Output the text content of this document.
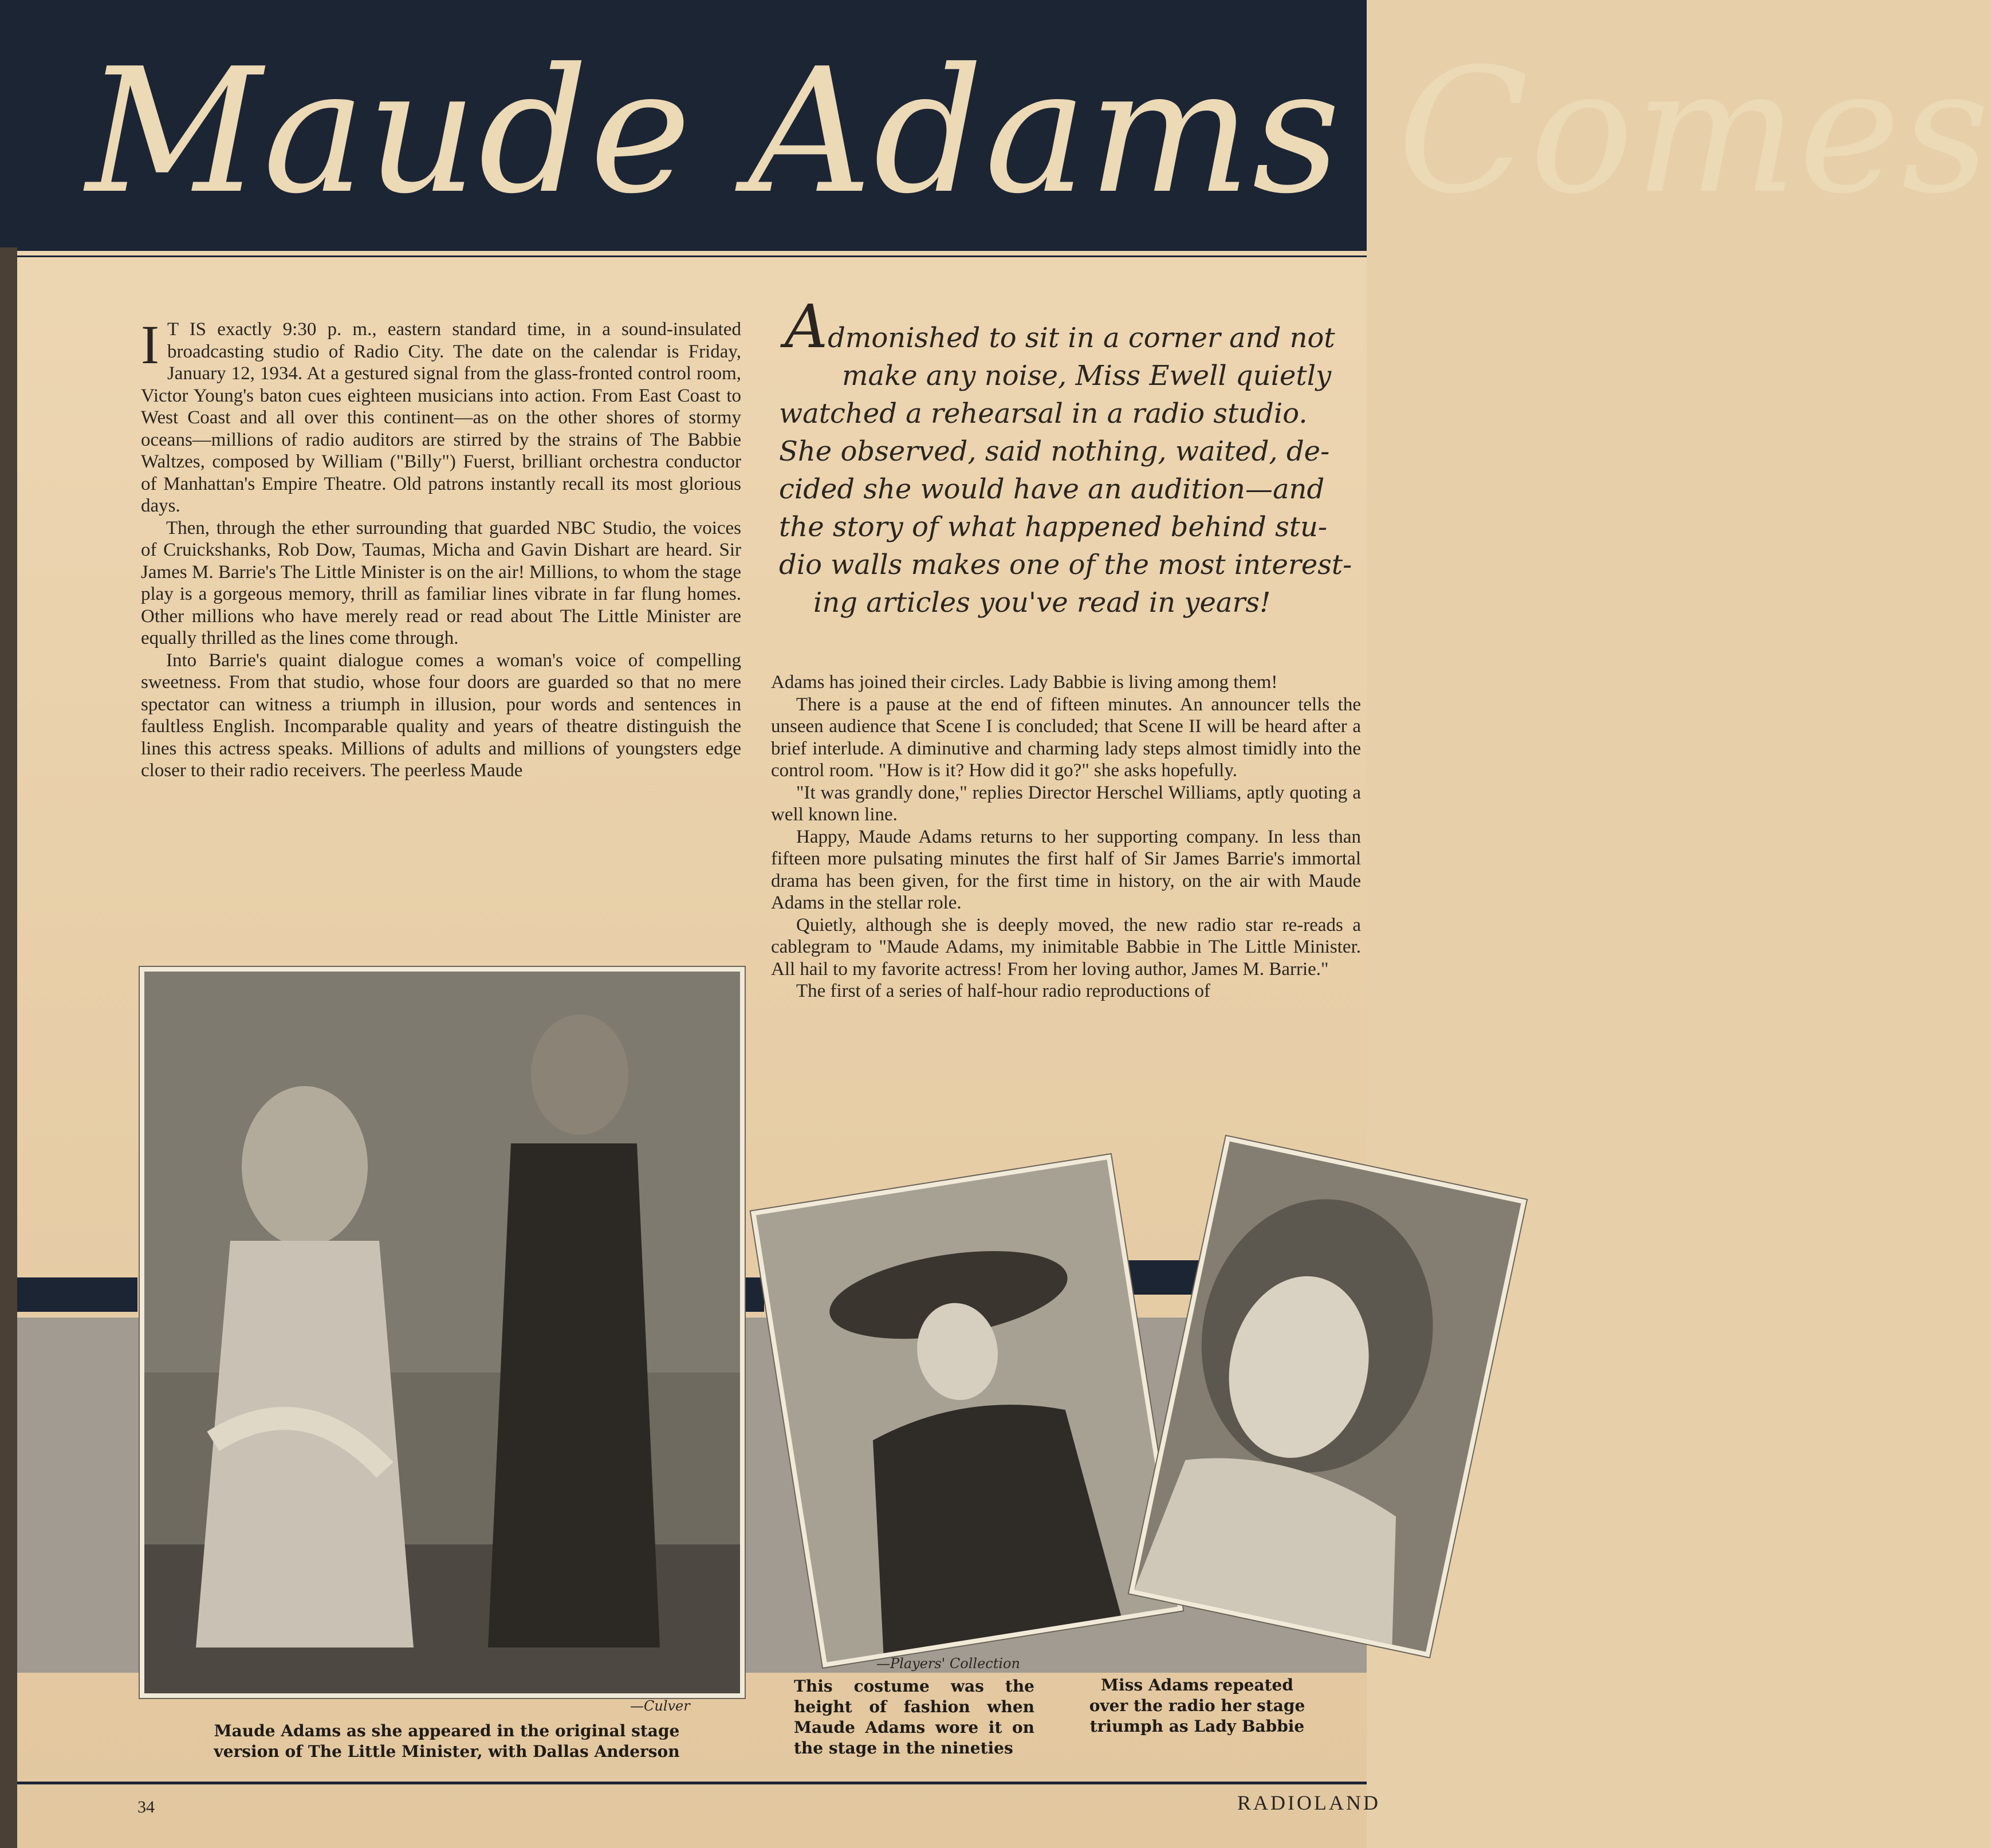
Maude Adams Comes

I T IS exactly 9:30 p. m., eastern standard time, in a sound-insulated broadcasting studio of Radio City. The date on the calendar is Friday, January 12, 1934. At a gestured signal from the glass-fronted control room, Victor Young's baton cues eighteen musicians into action. From East Coast to West Coast and all over this continent—as on the other shores of stormy oceans—millions of radio auditors are stirred by the strains of The Babbie Waltzes, composed by William ("Billy") Fuerst, brilliant orchestra conductor of Manhattan's Empire Theatre. Old patrons instantly recall its most glorious days.

Then, through the ether surrounding that guarded NBC Studio, the voices of Cruickshanks, Rob Dow, Taumas, Micha and Gavin Dishart are heard. Sir James M. Barrie's The Little Minister is on the air! Millions, to whom the stage play is a gorgeous memory, thrill as familiar lines vibrate in far flung homes. Other millions who have merely read or read about The Little Minister are equally thrilled as the lines come through.

Into Barrie's quaint dialogue comes a woman's voice of compelling sweetness. From that studio, whose four doors are guarded so that no mere spectator can witness a triumph in illusion, pour words and sentences in faultless English. Incomparable quality and years of theatre distinguish the lines this actress speaks. Millions of adults and millions of youngsters edge closer to their radio receivers. The peerless Maude

Admonished to sit in a corner and not
make any noise, Miss Ewell quietly
watched a rehearsal in a radio studio.
She observed, said nothing, waited, de-
cided she would have an audition—and
the story of what happened behind stu-
dio walls makes one of the most interest-
ing articles you've read in years!

Adams has joined their circles. Lady Babbie is living among them!

There is a pause at the end of fifteen minutes. An announcer tells the unseen audience that Scene I is concluded; that Scene II will be heard after a brief interlude. A diminutive and charming lady steps almost timidly into the control room. "How is it? How did it go?" she asks hopefully.

"It was grandly done," replies Director Herschel Williams, aptly quoting a well known line.

Happy, Maude Adams returns to her supporting company. In less than fifteen more pulsating minutes the first half of Sir James Barrie's immortal drama has been given, for the first time in history, on the air with Maude Adams in the stellar role.

Quietly, although she is deeply moved, the new radio star re-reads a cablegram to "Maude Adams, my inimitable Babbie in The Little Minister. All hail to my favorite actress! From her loving author, James M. Barrie."

The first of a series of half-hour radio reproductions of

—Culver
Maude Adams as she appeared in the original stage version of The Little Minister, with Dallas Anderson
—Players' Collection
This costume was the height of fashion when Maude Adams wore it on the stage in the nineties
Miss Adams repeated over the radio her stage triumph as Lady Babbie
34	RADIOLAND
